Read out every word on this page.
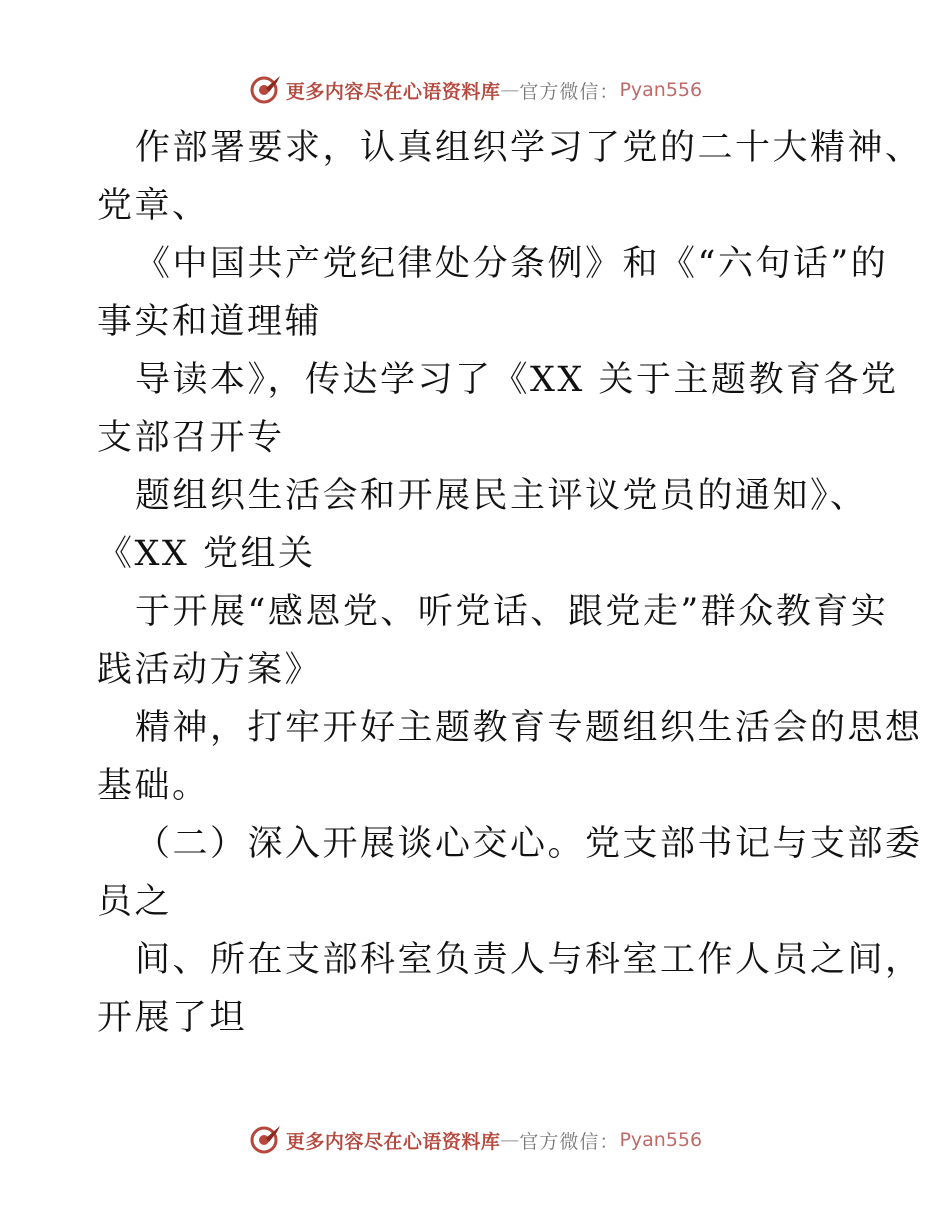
更多内容尽在心语资料库 — 官方微信： Pyan556
作部署要求，认真组织学习了党的二十大精神、
党章、
《中国共产党纪律处分条例》和《“六句话”的
事实和道理辅
导读本》，传达学习了《XX 关于主题教育各党
支部召开专
题组织生活会和开展民主评议党员的通知》、
《XX 党组关
于开展“感恩党、听党话、跟党走”群众教育实
践活动方案》
精神，打牢开好主题教育专题组织生活会的思想
基础。
（二）深入开展谈心交心。党支部书记与支部委
员之
间、所在支部科室负责人与科室工作人员之间，
开展了坦
更多内容尽在心语资料库 — 官方微信： Pyan556
